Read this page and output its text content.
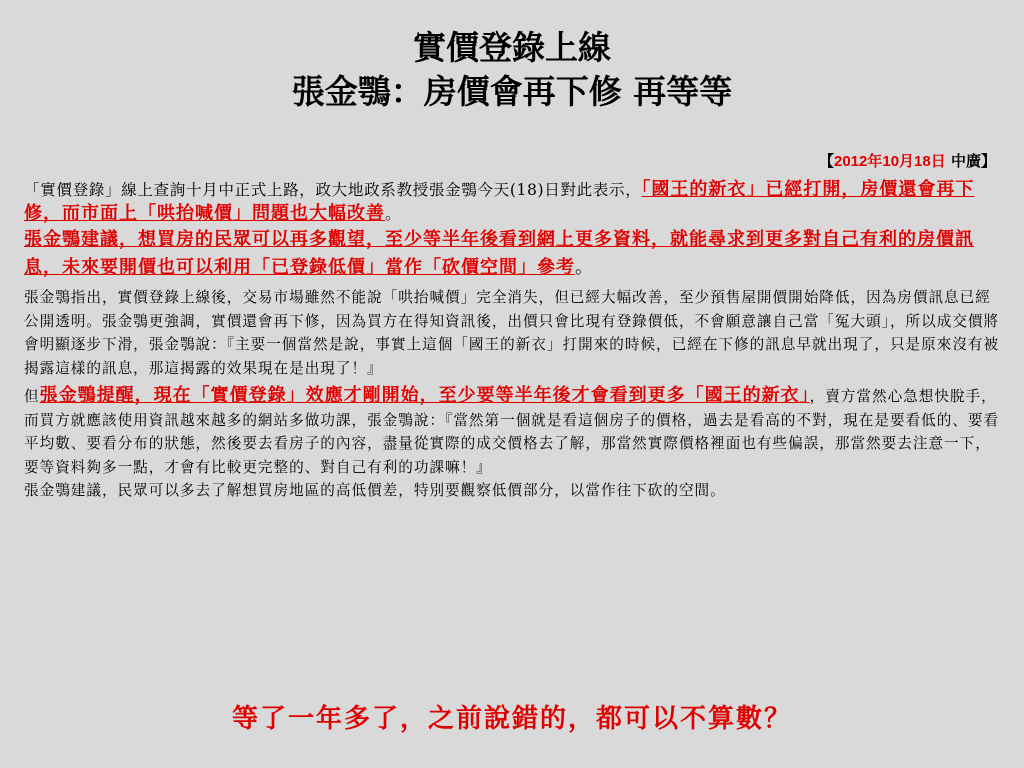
實價登錄上線
張金鶚：房價會再下修 再等等
【2012年10月18日 中廣】

「實價登錄」線上查詢十月中正式上路，政大地政系教授張金鶚今天(18)日對此表示，「國王的新衣」已經打開，房價還會再下修，而市面上「哄抬喊價」問題也大幅改善。

張金鶚建議，想買房的民眾可以再多觀望，至少等半年後看到網上更多資料，就能尋求到更多對自己有利的房價訊息，未來要開價也可以利用「已登錄低價」當作「砍價空間」參考。

張金鶚指出，實價登錄上線後，交易市場雖然不能說「哄抬喊價」完全消失，但已經大幅改善，至少預售屋開價開始降低，因為房價訊息已經公開透明。張金鶚更強調，實價還會再下修，因為買方在得知資訊後，出價只會比現有登錄價低，不會願意讓自己當「冤大頭」，所以成交價將會明顯逐步下滑，張金鶚說：『主要一個當然是說，事實上這個「國王的新衣」打開來的時候，已經在下修的訊息早就出現了，只是原來沒有被揭露這樣的訊息，那這揭露的效果現在是出現了！』

但張金鶚提醒，現在「實價登錄」效應才剛開始，至少要等半年後才會看到更多「國王的新衣」，賣方當然心急想快脫手，而買方就應該使用資訊越來越多的網站多做功課，張金鶚說：『當然第一個就是看這個房子的價格，過去是看高的不對，現在是要看低的、要看平均數、要看分布的狀態，然後要去看房子的內容，盡量從實際的成交價格去了解，那當然實際價格裡面也有些偏誤，那當然要去注意一下，要等資料夠多一點，才會有比較更完整的、對自己有利的功課嘛！』

張金鶚建議，民眾可以多去了解想買房地區的高低價差，特別要觀察低價部分，以當作往下砍的空間。

等了一年多了，之前說錯的，都可以不算數？
